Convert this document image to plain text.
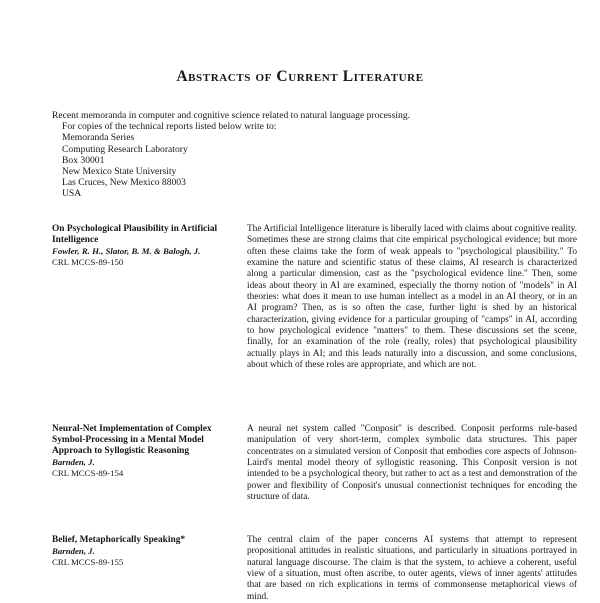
Abstracts of Current Literature
Recent memoranda in computer and cognitive science related to natural language processing.
For copies of the technical reports listed below write to:
Memoranda Series
Computing Research Laboratory
Box 30001
New Mexico State University
Las Cruces, New Mexico 88003
USA
On Psychological Plausibility in Artificial Intelligence
Fowler, R. H., Slator, B. M. & Balogh, J.
CRL MCCS-89-150
The Artificial Intelligence literature is liberally laced with claims about cognitive reality. Sometimes these are strong claims that cite empirical psychological evidence; but more often these claims take the form of weak appeals to "psychological plausibility." To examine the nature and scientific status of these claims, AI research is characterized along a particular dimension, cast as the "psychological evidence line." Then, some ideas about theory in AI are examined, especially the thorny notion of "models" in AI theories: what does it mean to use human intellect as a model in an AI theory, or in an AI program? Then, as is so often the case, further light is shed by an historical characterization, giving evidence for a particular grouping of "camps" in AI, according to how psychological evidence "matters" to them. These discussions set the scene, finally, for an examination of the role (really, roles) that psychological plausibility actually plays in AI; and this leads naturally into a discussion, and some conclusions, about which of these roles are appropriate, and which are not.
Neural-Net Implementation of Complex Symbol-Processing in a Mental Model Approach to Syllogistic Reasoning
Barnden, J.
CRL MCCS-89-154
A neural net system called "Conposit" is described. Conposit performs rule-based manipulation of very short-term, complex symbolic data structures. This paper concentrates on a simulated version of Conposit that embodies core aspects of Johnson-Laird's mental model theory of syllogistic reasoning. This Conposit version is not intended to be a psychological theory, but rather to act as a test and demonstration of the power and flexibility of Conposit's unusual connectionist techniques for encoding the structure of data.
Belief, Metaphorically Speaking*
Barnden, J.
CRL MCCS-89-155
The central claim of the paper concerns AI systems that attempt to represent propositional attitudes in realistic situations, and particularly in situations portrayed in natural language discourse. The claim is that the system, to achieve a coherent, useful view of a situation, must often ascribe, to outer agents, views of inner agents' attitudes that are based on rich explications in terms of commonsense metaphorical views of mind.
